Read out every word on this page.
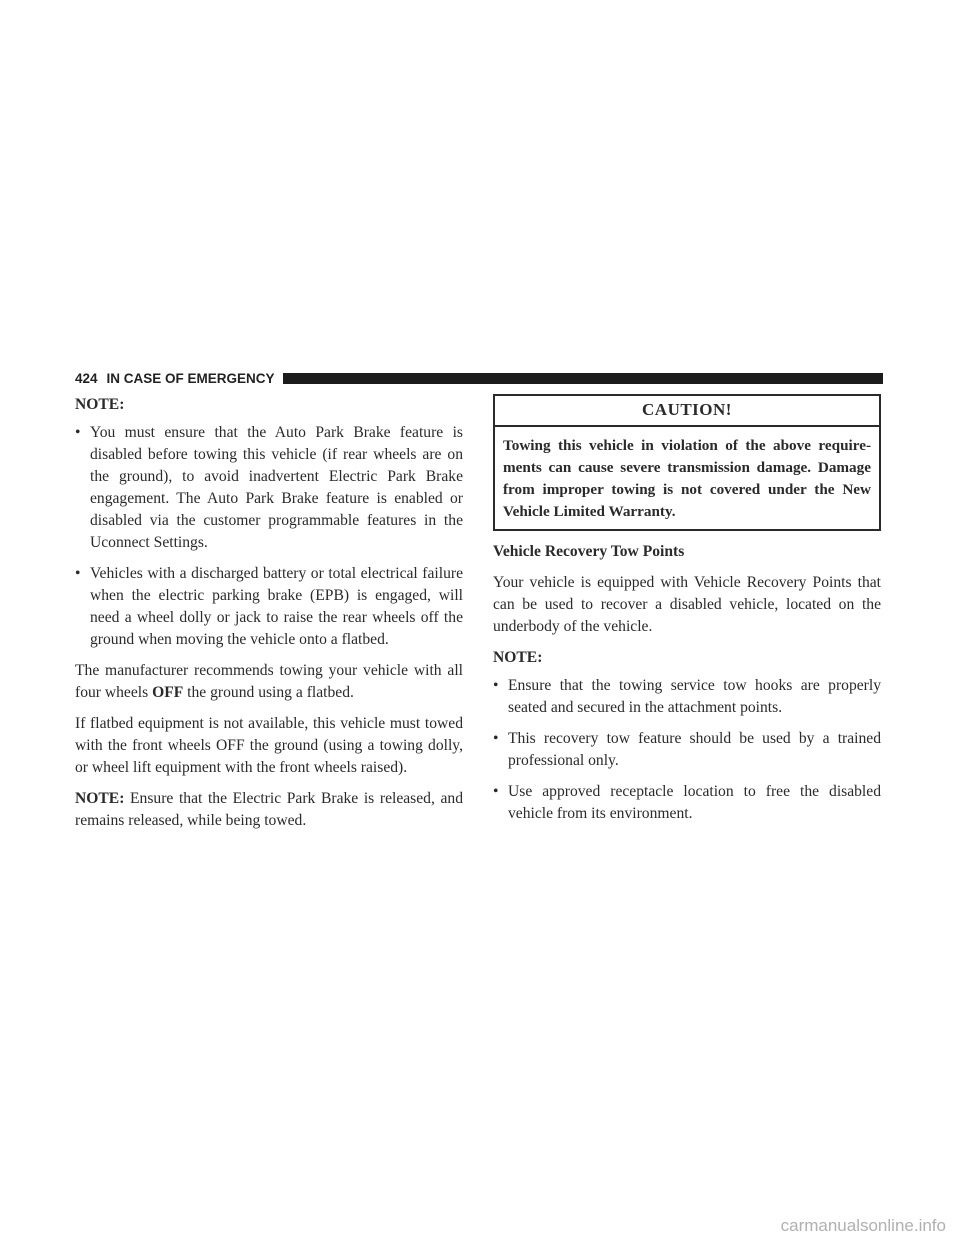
424 IN CASE OF EMERGENCY
NOTE:
• You must ensure that the Auto Park Brake feature is disabled before towing this vehicle (if rear wheels are on the ground), to avoid inadvertent Electric Park Brake engagement. The Auto Park Brake feature is enabled or disabled via the customer programmable features in the Uconnect Settings.
• Vehicles with a discharged battery or total electrical failure when the electric parking brake (EPB) is engaged, will need a wheel dolly or jack to raise the rear wheels off the ground when moving the vehicle onto a flatbed.

The manufacturer recommends towing your vehicle with all four wheels OFF the ground using a flatbed.

If flatbed equipment is not available, this vehicle must towed with the front wheels OFF the ground (using a towing dolly, or wheel lift equipment with the front wheels raised).

NOTE: Ensure that the Electric Park Brake is released, and remains released, while being towed.

CAUTION!
Towing this vehicle in violation of the above require-ments can cause severe transmission damage. Damage from improper towing is not covered under the New Vehicle Limited Warranty.
Vehicle Recovery Tow Points

Your vehicle is equipped with Vehicle Recovery Points that can be used to recover a disabled vehicle, located on the underbody of the vehicle.

NOTE:
• Ensure that the towing service tow hooks are properly seated and secured in the attachment points.
• This recovery tow feature should be used by a trained professional only.
• Use approved receptacle location to free the disabled vehicle from its environment.
carmanualsonline.info
